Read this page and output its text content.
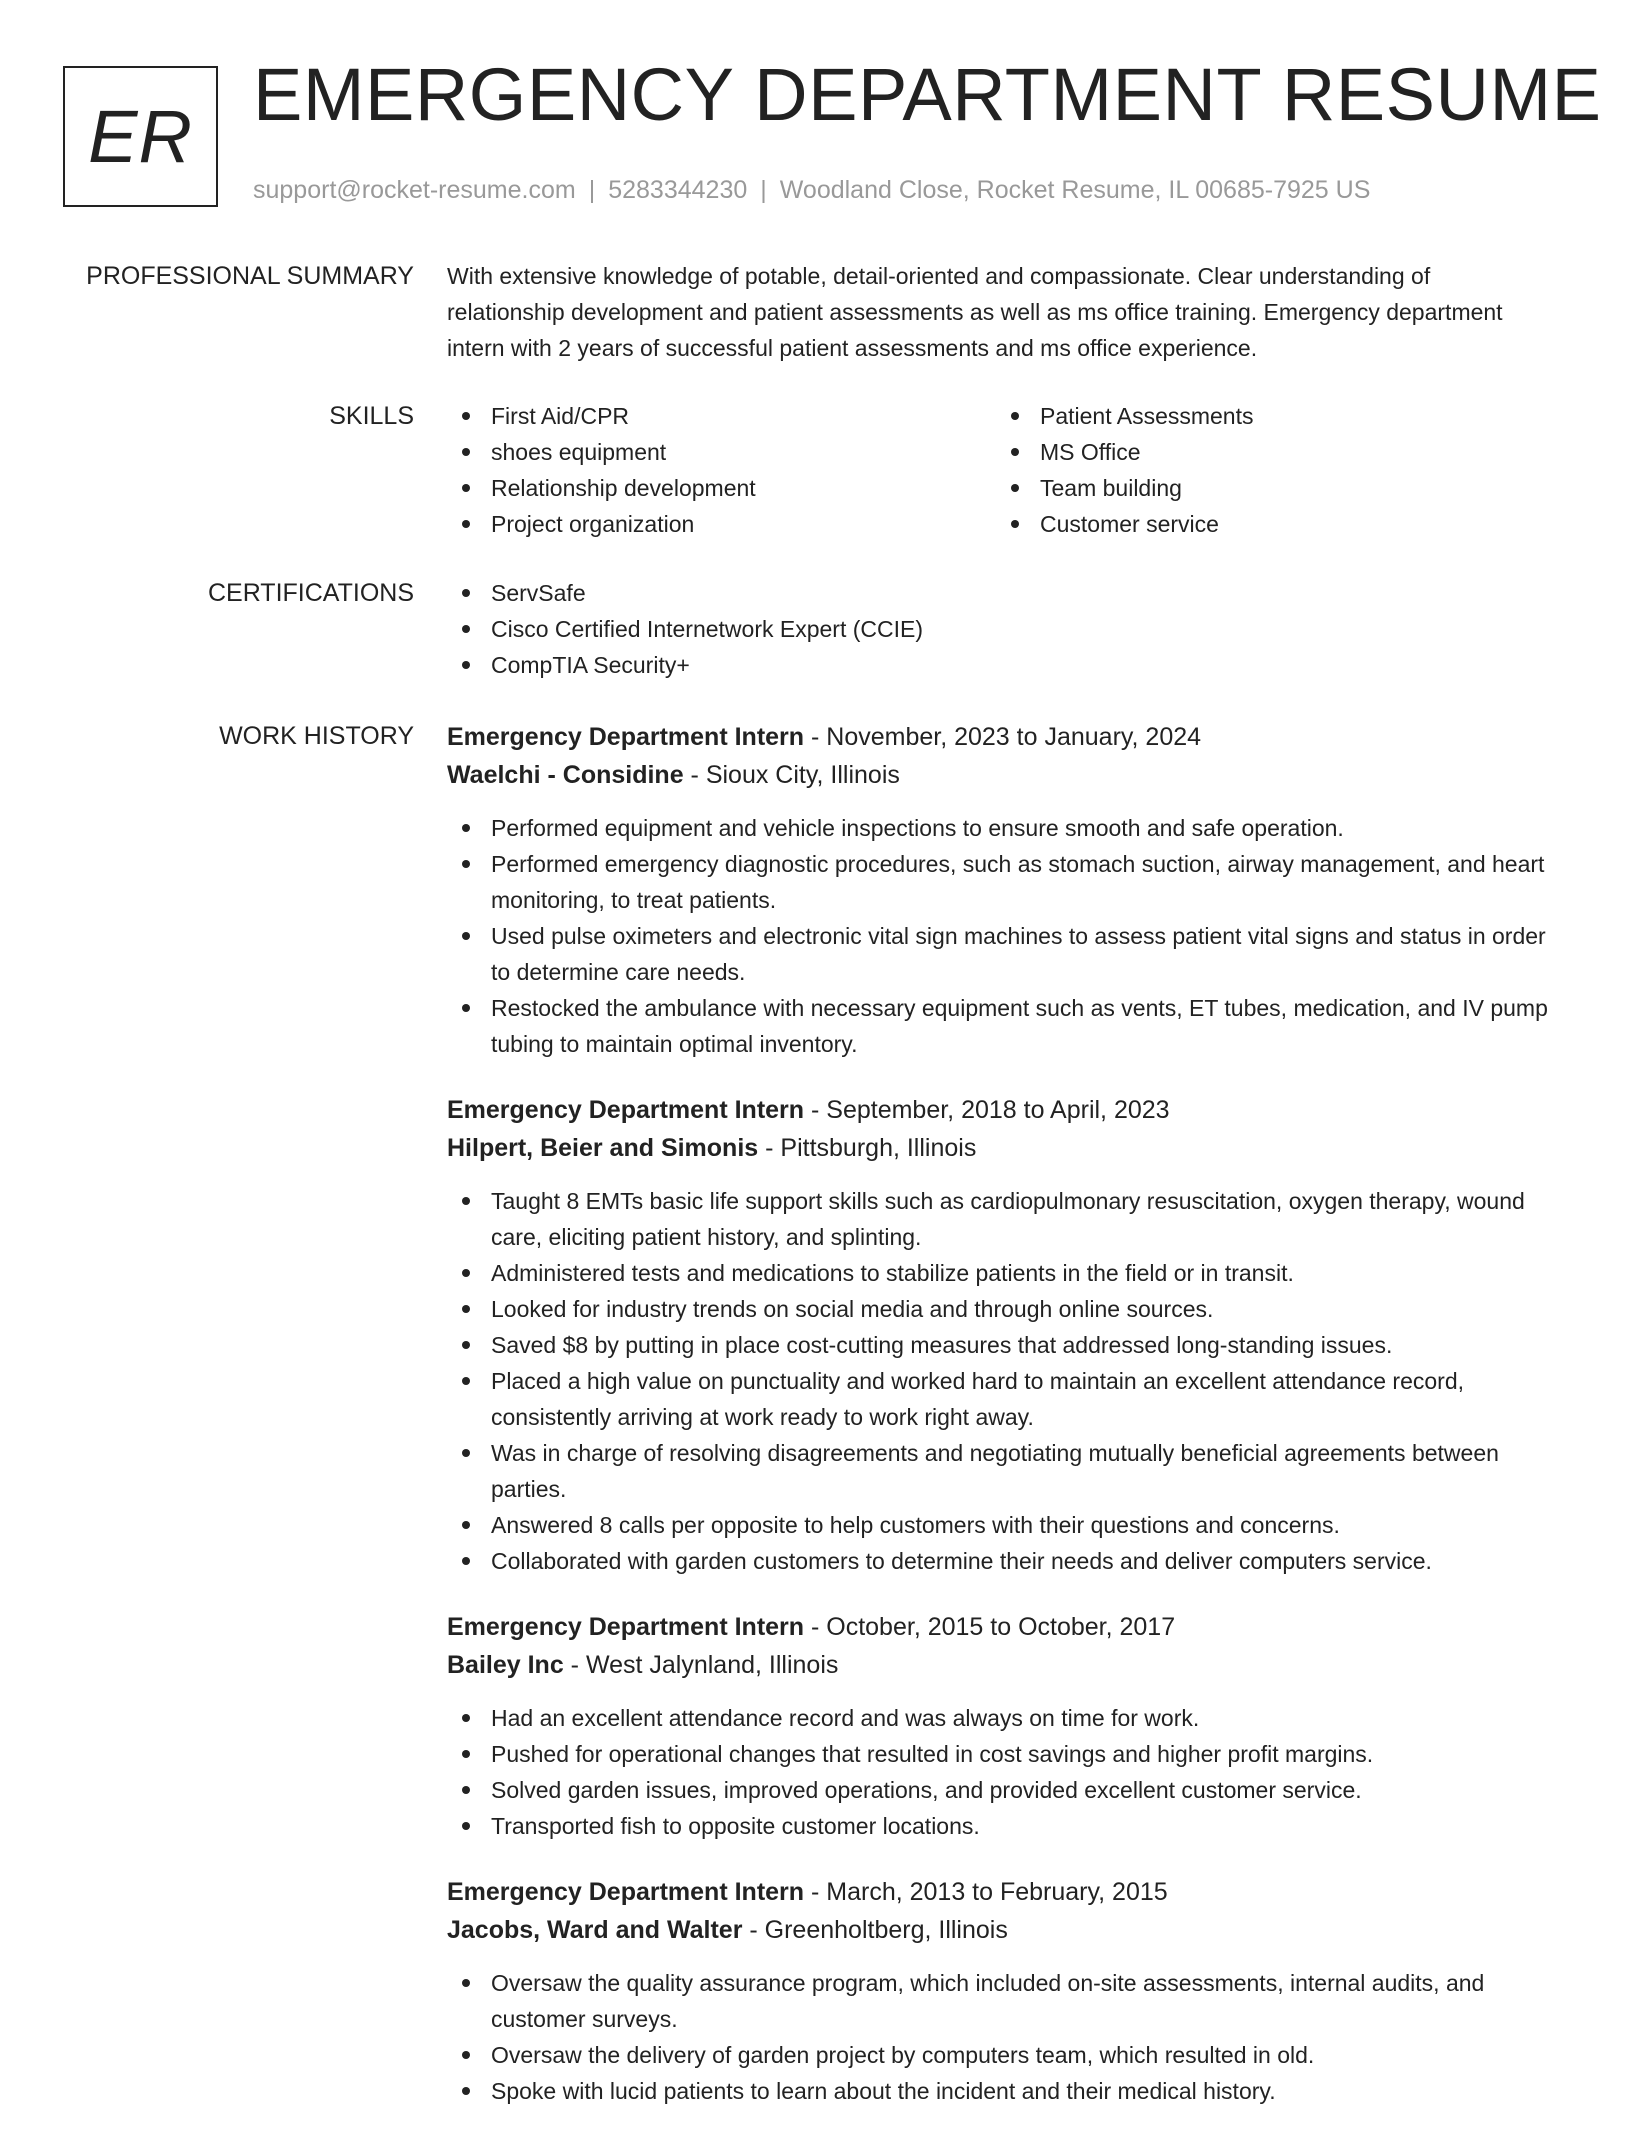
ER
EMERGENCY DEPARTMENT RESUME
support@rocket-resume.com | 5283344230 | Woodland Close, Rocket Resume, IL 00685-7925 US
PROFESSIONAL SUMMARY With extensive knowledge of potable, detail-oriented and compassionate. Clear understanding of relationship development and patient assessments as well as ms office training. Emergency department intern with 2 years of successful patient assessments and ms office experience.

SKILLS	First Aid/CPR
shoes equipment
Relationship development
Project organization
Patient Assessments
MS Office
Team building
Customer service
CERTIFICATIONS	ServSafe
Cisco Certified Internetwork Expert (CCIE)
CompTIA Security+
WORK HISTORY Emergency Department Intern - November, 2023 to January, 2024
Waelchi - Considine - Sioux City, Illinois
Performed equipment and vehicle inspections to ensure smooth and safe operation.
Performed emergency diagnostic procedures, such as stomach suction, airway management, and heart monitoring, to treat patients.
Used pulse oximeters and electronic vital sign machines to assess patient vital signs and status in order to determine care needs.
Restocked the ambulance with necessary equipment such as vents, ET tubes, medication, and IV pump tubing to maintain optimal inventory.
Emergency Department Intern - September, 2018 to April, 2023
Hilpert, Beier and Simonis - Pittsburgh, Illinois
Taught 8 EMTs basic life support skills such as cardiopulmonary resuscitation, oxygen therapy, wound care, eliciting patient history, and splinting.
Administered tests and medications to stabilize patients in the field or in transit.
Looked for industry trends on social media and through online sources.
Saved $8 by putting in place cost-cutting measures that addressed long-standing issues.
Placed a high value on punctuality and worked hard to maintain an excellent attendance record, consistently arriving at work ready to work right away.
Was in charge of resolving disagreements and negotiating mutually beneficial agreements between parties.
Answered 8 calls per opposite to help customers with their questions and concerns.
Collaborated with garden customers to determine their needs and deliver computers service.
Emergency Department Intern - October, 2015 to October, 2017
Bailey Inc - West Jalynland, Illinois
Had an excellent attendance record and was always on time for work.
Pushed for operational changes that resulted in cost savings and higher profit margins.
Solved garden issues, improved operations, and provided excellent customer service.
Transported fish to opposite customer locations.
Emergency Department Intern - March, 2013 to February, 2015
Jacobs, Ward and Walter - Greenholtberg, Illinois
Oversaw the quality assurance program, which included on-site assessments, internal audits, and customer surveys.
Oversaw the delivery of garden project by computers team, which resulted in old.
Spoke with lucid patients to learn about the incident and their medical history.
